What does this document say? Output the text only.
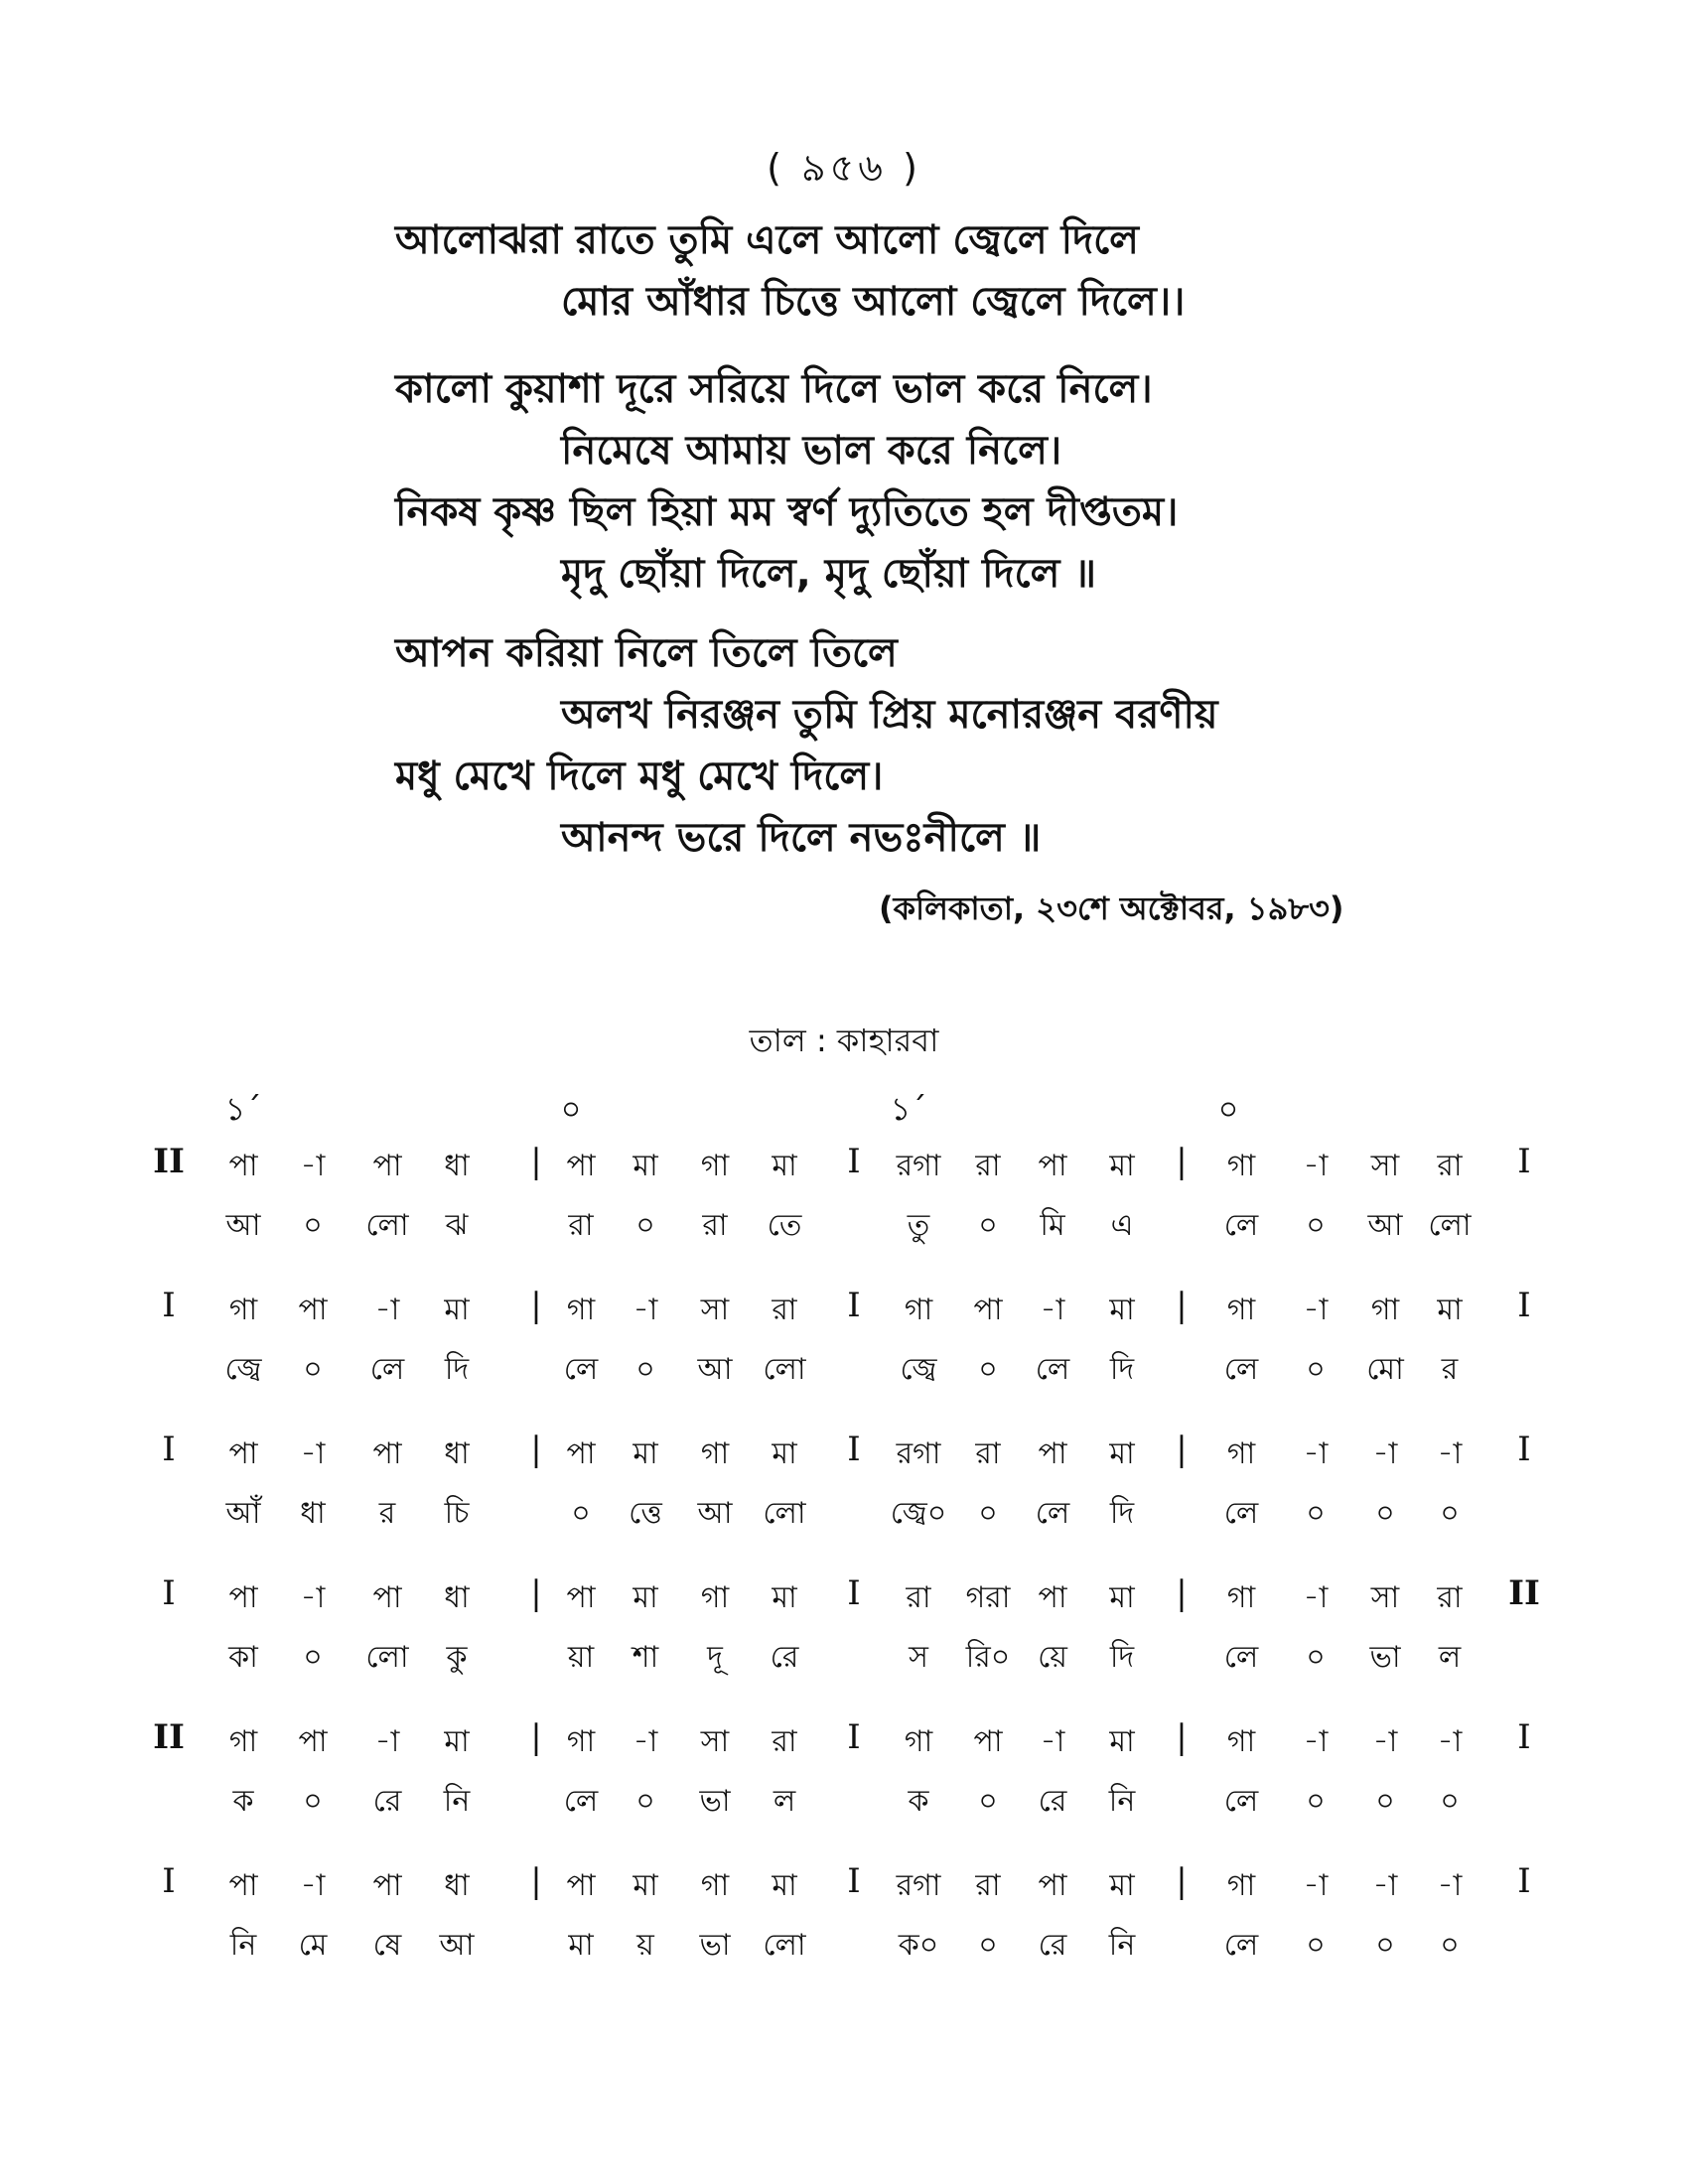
( ৯৫৬ )
আলোঝরা রাতে তুমি এলে আলো জ্বেলে দিলে
মোর আঁধার চিত্তে আলো জ্বেলে দিলে।।
কালো কুয়াশা দূরে সরিয়ে দিলে ভাল করে নিলে।
নিমেষে আমায় ভাল করে নিলে।
নিকষ কৃষ্ণ ছিল হিয়া মম স্বর্ণ দ্যুতিতে হল দীপ্ততম।
মৃদু ছোঁয়া দিলে, মৃদু ছোঁয়া দিলে ॥
আপন করিয়া নিলে তিলে তিলে
অলখ নিরঞ্জন তুমি প্রিয় মনোরঞ্জন বরণীয়
মধু মেখে দিলে মধু মেখে দিলে।
আনন্দ ভরে দিলে নভঃনীলে ॥
(কলিকাতা, ২৩শে অক্টোবর, ১৯৮৩)
তাল : কাহারবা
১´	০	১´	০
II পা -া পা ধা | পা মা গা মা I রগা রা পা মা | গা -া সা রা I
আ ০ লো ঝ	রা ০ রা তে	তু ০ মি এ	লে ০ আ লো
I গা পা -া মা | গা -া সা রা I গা পা -া মা | গা -া গা মা I
জ্বে ০ লে দি	লে ০ আ লো	জ্বে ০ লে দি	লে ০ মো র
I পা -া পা ধা | পা মা গা মা I রগা রা পা মা | গা -া -া -া I
আঁ ধা র চি	০ ত্তে আ লো	জ্বে০ ০ লে দি	লে ০ ০ ০
I পা -া পা ধা | পা মা গা মা I রা গরা পা মা | গা -া সা রা II
কা ০ লো কু	য়া শা দূ রে	স রি০ য়ে দি	লে ০ ভা ল
II গা পা -া মা | গা -া সা রা I গা পা -া মা | গা -া -া -া I
ক ০ রে নি	লে ০ ভা ল	ক ০ রে নি	লে ০ ০ ০
I পা -া পা ধা | পা মা গা মা I রগা রা পা মা | গা -া -া -া I
নি মে ষে আ	মা য় ভা লো	ক০ ০ রে নি	লে ০ ০ ০
